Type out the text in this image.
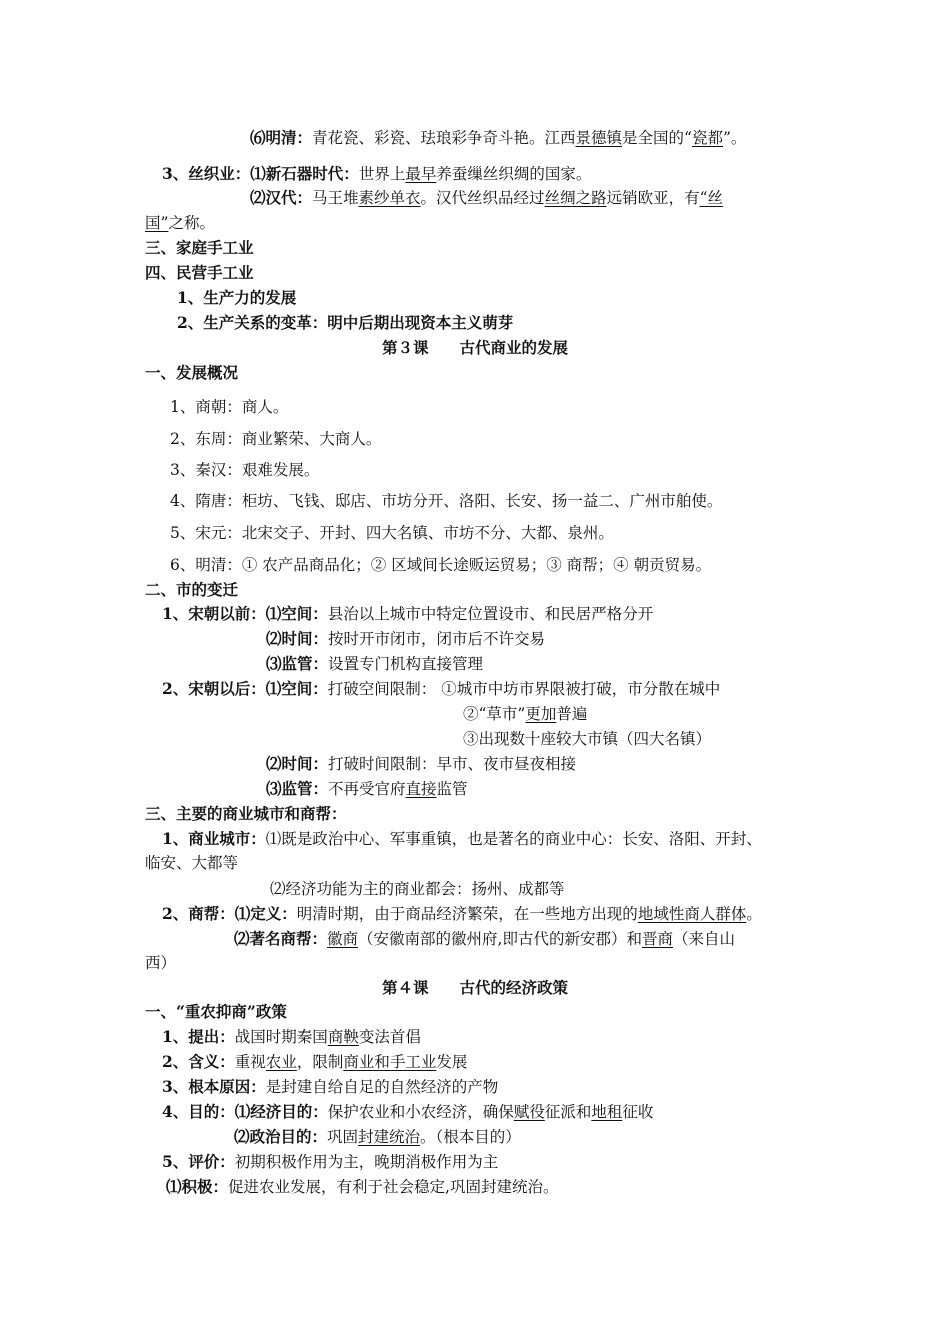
⑹明清：青花瓷、彩瓷、珐琅彩争奇斗艳。江西景德镇是全国的“瓷都”。
3、丝织业：⑴新石器时代：世界上最早养蚕缫丝织绸的国家。
⑵汉代：马王堆素纱单衣。汉代丝织品经过丝绸之路远销欧亚，有“丝
国”之称。
三、家庭手工业
四、民营手工业
1、生产力的发展
2、生产关系的变革：明中后期出现资本主义萌芽
第３课　　古代商业的发展
一、发展概况
1、商朝：商人。
2、东周：商业繁荣、大商人。
3、秦汉：艰难发展。
4、隋唐：柜坊、飞钱、邸店、市坊分开、洛阳、长安、扬一益二、广州市舶使。
5、宋元：北宋交子、开封、四大名镇、市坊不分、大都、泉州。
6、明清：① 农产品商品化；② 区域间长途贩运贸易；③ 商帮；④ 朝贡贸易。
二、市的变迁
1、宋朝以前：⑴空间：县治以上城市中特定位置设市、和民居严格分开
⑵时间：按时开市闭市，闭市后不许交易
⑶监管：设置专门机构直接管理
2、宋朝以后：⑴空间：打破空间限制： ①城市中坊市界限被打破，市分散在城中
②“草市”更加普遍
③出现数十座较大市镇（四大名镇）
⑵时间：打破时间限制：早市、夜市昼夜相接
⑶监管：不再受官府直接监管
三、主要的商业城市和商帮：
1、商业城市：⑴既是政治中心、军事重镇，也是著名的商业中心：长安、洛阳、开封、
临安、大都等
⑵经济功能为主的商业都会：扬州、成都等
2、商帮：⑴定义：明清时期，由于商品经济繁荣，在一些地方出现的地域性商人群体。
⑵著名商帮：徽商（安徽南部的徽州府,即古代的新安郡）和晋商（来自山
西）
第４课　　古代的经济政策
一、“重农抑商”政策
1、提出：战国时期秦国商鞅变法首倡
2、含义：重视农业，限制商业和手工业发展
3、根本原因：是封建自给自足的自然经济的产物
4、目的：⑴经济目的：保护农业和小农经济，确保赋役征派和地租征收
⑵政治目的：巩固封建统治。（根本目的）
5、评价：初期积极作用为主，晚期消极作用为主
⑴积极：促进农业发展，有利于社会稳定,巩固封建统治。
